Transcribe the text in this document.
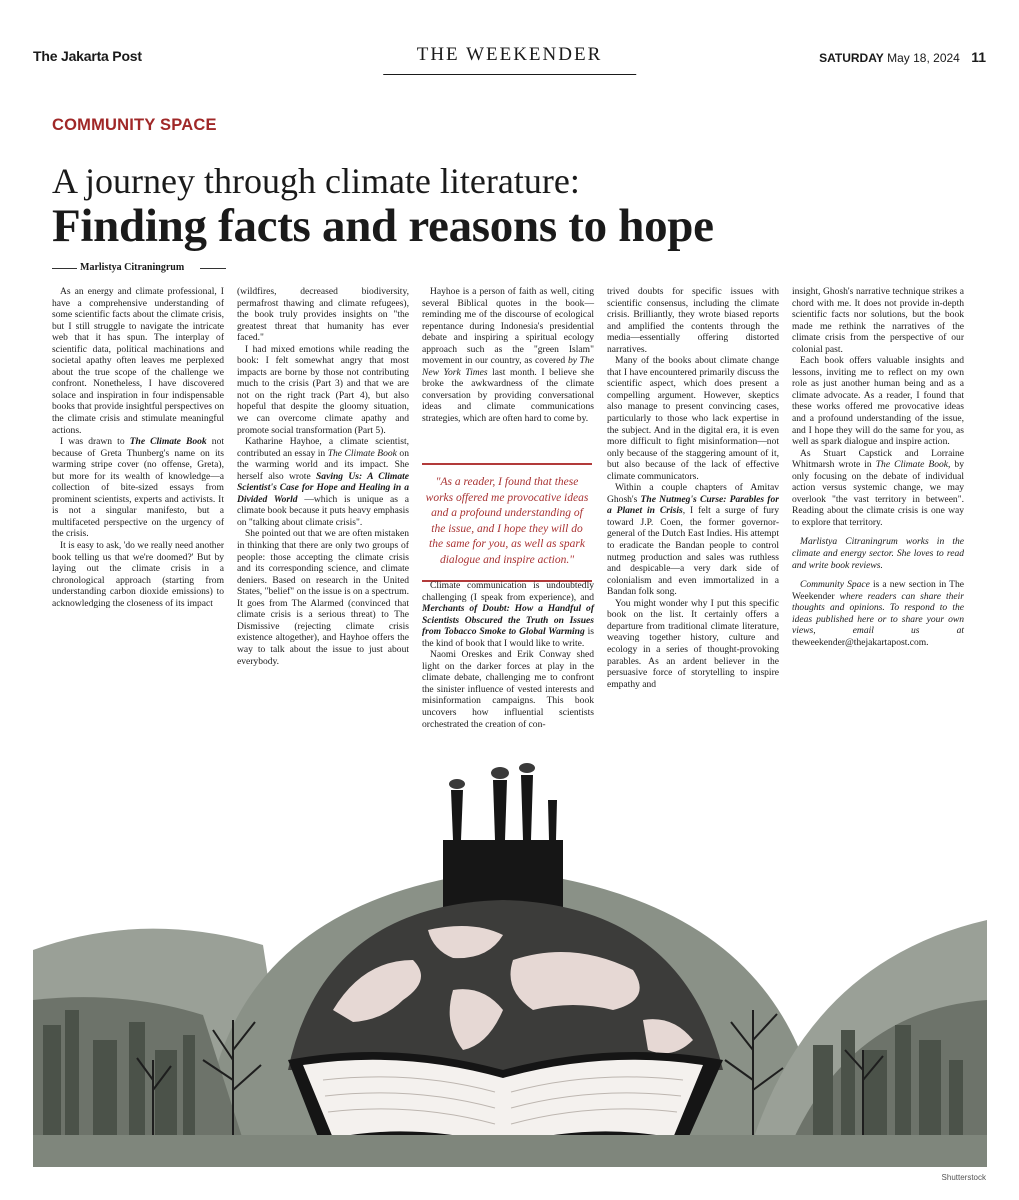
The Jakarta Post	THE WEEKENDER	SATURDAY May 18, 2024 11
COMMUNITY SPACE
A journey through climate literature:
Finding facts and reasons to hope
Marlistya Citraningrum

As an energy and climate professional, I have a comprehensive understanding of some scientific facts about the climate crisis, but I still struggle to navigate the intricate web that it has spun. The interplay of scientific data, political machinations and societal apathy often leaves me perplexed about the true scope of the challenge we confront. Nonetheless, I have discovered solace and inspiration in four indispensable books that provide insightful perspectives on the climate crisis and stimulate meaningful actions.

I was drawn to The Climate Book not because of Greta Thunberg's name on its warming stripe cover (no offense, Greta), but more for its wealth of knowledge—a collection of bite-sized essays from prominent scientists, experts and activists. It is not a singular manifesto, but a multifaceted perspective on the urgency of the crisis.

It is easy to ask, 'do we really need another book telling us that we're doomed?' But by laying out the climate crisis in a chronological approach (starting from understanding carbon dioxide emissions) to acknowledging the closeness of its impact

(wildfires, decreased biodiversity, permafrost thawing and climate refugees), the book truly provides insights on "the greatest threat that humanity has ever faced."

I had mixed emotions while reading the book: I felt somewhat angry that most impacts are borne by those not contributing much to the crisis (Part 3) and that we are not on the right track (Part 4), but also hopeful that despite the gloomy situation, we can overcome climate apathy and promote social transformation (Part 5).

Katharine Hayhoe, a climate scientist, contributed an essay in The Climate Book on the warming world and its impact. She herself also wrote Saving Us: A Climate Scientist's Case for Hope and Healing in a Divided World —which is unique as a climate book because it puts heavy emphasis on "talking about climate crisis".

She pointed out that we are often mistaken in thinking that there are only two groups of people: those accepting the climate crisis and its corresponding science, and climate deniers. Based on research in the United States, "belief" on the issue is on a spectrum. It goes from The Alarmed (convinced that climate crisis is a serious threat) to The Dismissive (rejecting climate crisis existence altogether), and Hayhoe offers the way to talk about the issue to just about everybody.

Hayhoe is a person of faith as well, citing several Biblical quotes in the book—reminding me of the discourse of ecological repentance during Indonesia's presidential debate and inspiring a spiritual ecology approach such as the "green Islam" movement in our country, as covered by The New York Times last month. I believe she broke the awkwardness of the climate conversation by providing conversational ideas and climate communications strategies, which are often hard to come by.

"As a reader, I found that these works offered me provocative ideas and a profound understanding of the issue, and I hope they will do the same for you, as well as spark dialogue and inspire action."

Climate communication is undoubtedly challenging (I speak from experience), and Merchants of Doubt: How a Handful of Scientists Obscured the Truth on Issues from Tobacco Smoke to Global Warming is the kind of book that I would like to write.

Naomi Oreskes and Erik Conway shed light on the darker forces at play in the climate debate, challenging me to confront the sinister influence of vested interests and misinformation campaigns. This book uncovers how influential scientists orchestrated the creation of con-

trived doubts for specific issues with scientific consensus, including the climate crisis. Brilliantly, they wrote biased reports and amplified the contents through the media—essentially offering distorted narratives.

Many of the books about climate change that I have encountered primarily discuss the scientific aspect, which does present a compelling argument. However, skeptics also manage to present convincing cases, particularly to those who lack expertise in the subject. And in the digital era, it is even more difficult to fight misinformation—not only because of the staggering amount of it, but also because of the lack of effective climate communicators.

Within a couple chapters of Amitav Ghosh's The Nutmeg's Curse: Parables for a Planet in Crisis, I felt a surge of fury toward J.P. Coen, the former governor-general of the Dutch East Indies. His attempt to eradicate the Bandan people to control nutmeg production and sales was ruthless and despicable—a very dark side of colonialism and even immortalized in a Bandan folk song.

You might wonder why I put this specific book on the list. It certainly offers a departure from traditional climate literature, weaving together history, culture and ecology in a series of thought-provoking parables. As an ardent believer in the persuasive force of storytelling to inspire empathy and

insight, Ghosh's narrative technique strikes a chord with me. It does not provide in-depth scientific facts nor solutions, but the book made me rethink the narratives of the climate crisis from the perspective of our colonial past.

Each book offers valuable insights and lessons, inviting me to reflect on my own role as just another human being and as a climate advocate. As a reader, I found that these works offered me provocative ideas and a profound understanding of the issue, and I hope they will do the same for you, as well as spark dialogue and inspire action.

As Stuart Capstick and Lorraine Whitmarsh wrote in The Climate Book, by only focusing on the debate of individual action versus systemic change, we may overlook "the vast territory in between". Reading about the climate crisis is one way to explore that territory.

Marlistya Citraningrum works in the climate and energy sector. She loves to read and write book reviews.

Community Space is a new section in The Weekender where readers can share their thoughts and opinions. To respond to the ideas published here or to share your own views, email us at theweekender@thejakartapost.com.

Shutterstock
